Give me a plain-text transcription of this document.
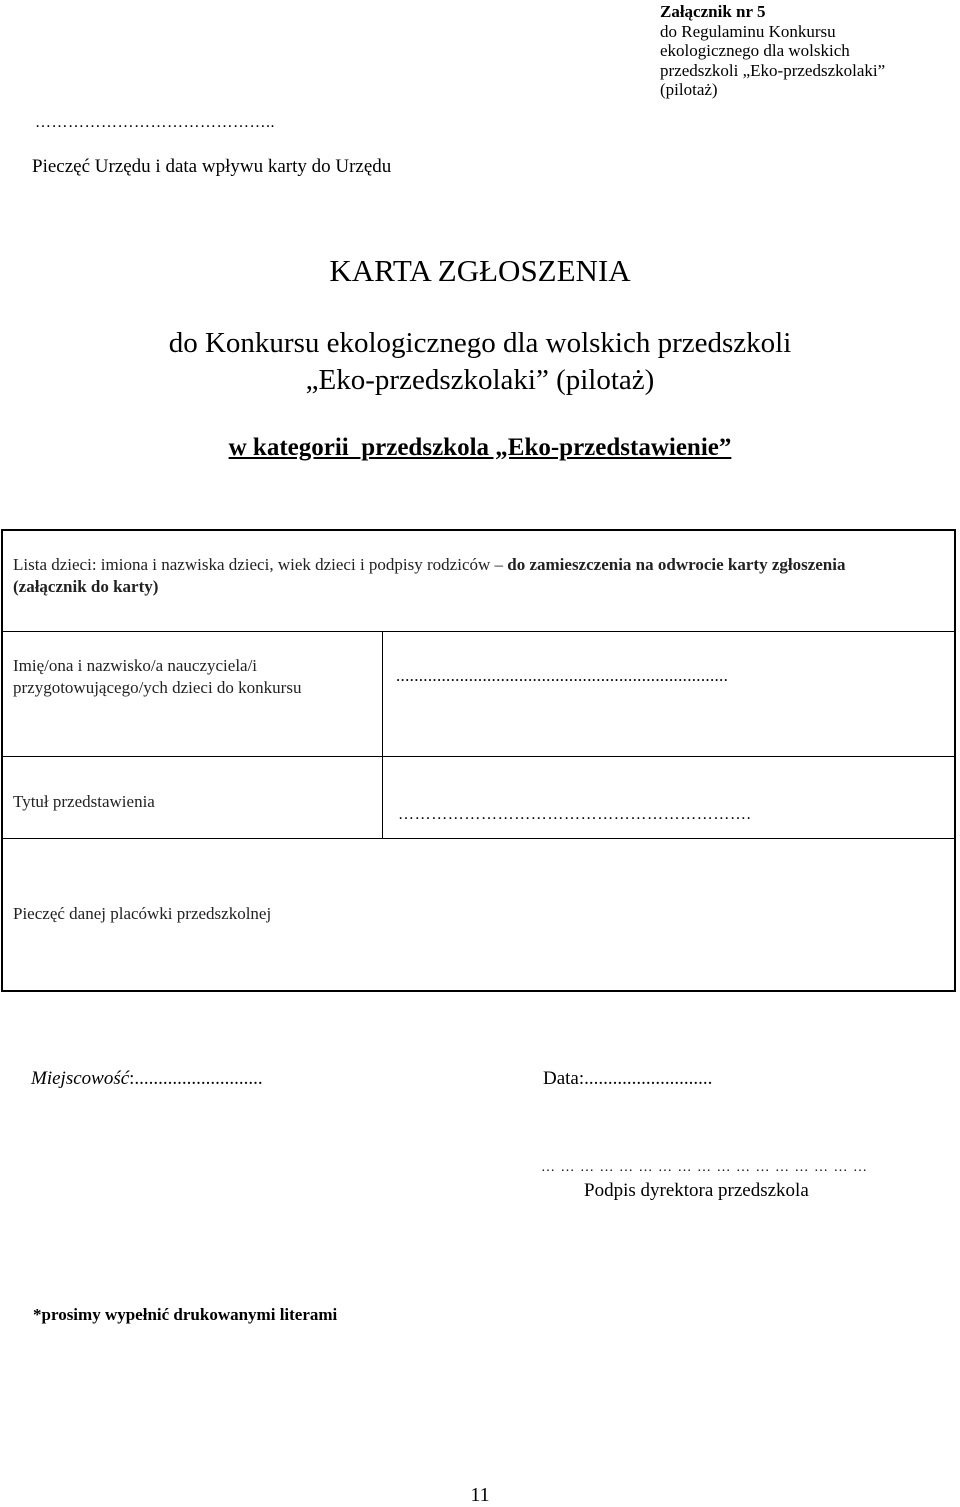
Załącznik nr 5
do Regulaminu Konkursu
ekologicznego dla wolskich
przedszkoli „Eko-przedszkolaki”
(pilotaż)
……………………………………..
Pieczęć Urzędu i data wpływu karty do Urzędu
KARTA ZGŁOSZENIA
do Konkursu ekologicznego dla wolskich przedszkoli
„Eko-przedszkolaki” (pilotaż)
w kategorii  przedszkola „Eko-przedstawienie”
Lista dzieci: imiona i nazwiska dzieci, wiek dzieci i podpisy rodziców – do zamieszczenia na odwrocie karty zgłoszenia (załącznik do karty)
Imię/ona i nazwisko/a nauczyciela/i przygotowującego/ych dzieci do konkursu
.........................................................................
Tytuł przedstawienia
……………………………………………………….
Pieczęć danej placówki przedszkolnej
Miejscowość:...........................	Data:...........................
… … … … … … … … … … … … … … … … …
Podpis dyrektora przedszkola
*prosimy wypełnić drukowanymi literami
11
